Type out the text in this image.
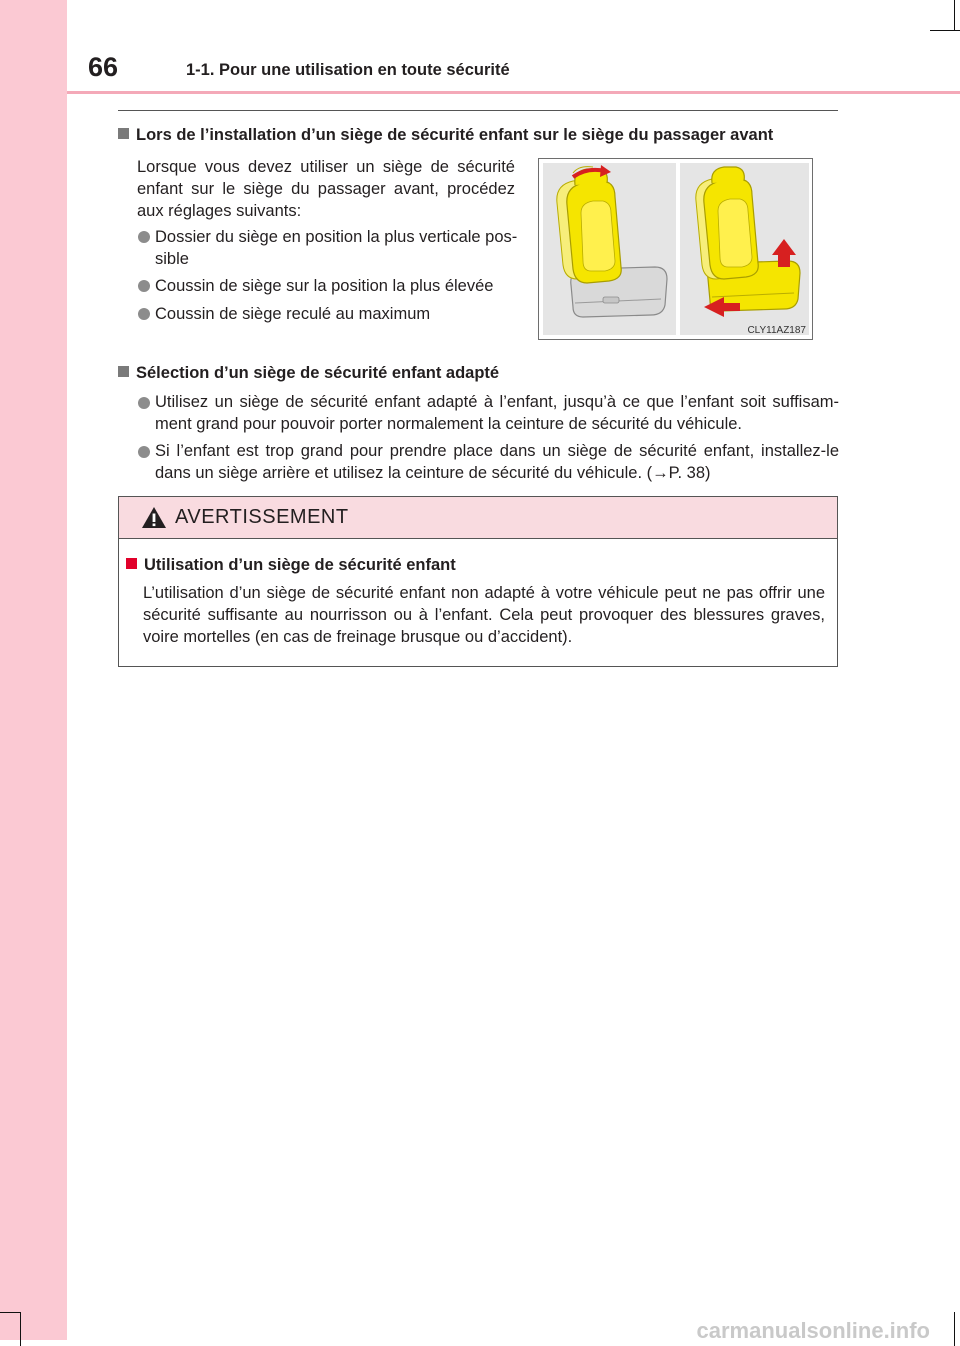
66	1-1. Pour une utilisation en toute sécurité
Lors de l’installation d’un siège de sécurité enfant sur le siège du passager avant
Lorsque vous devez utiliser un siège de sécurité
enfant sur le siège du passager avant, procédez
aux réglages suivants:
Dossier du siège en position la plus verticale pos-
sible
Coussin de siège sur la position la plus élevée
Coussin de siège reculé au maximum
CLY11AZ187
Sélection d’un siège de sécurité enfant adapté
Utilisez un siège de sécurité enfant adapté à l’enfant, jusqu’à ce que l’enfant soit suffisam-
ment grand pour pouvoir porter normalement la ceinture de sécurité du véhicule.
Si l’enfant est trop grand pour prendre place dans un siège de sécurité enfant, installez-le
dans un siège arrière et utilisez la ceinture de sécurité du véhicule. (→P. 38)
AVERTISSEMENT
Utilisation d’un siège de sécurité enfant
L’utilisation d’un siège de sécurité enfant non adapté à votre véhicule peut ne pas offrir une
sécurité suffisante au nourrisson ou à l’enfant. Cela peut provoquer des blessures graves,
voire mortelles (en cas de freinage brusque ou d’accident).
carmanualsonline.info
